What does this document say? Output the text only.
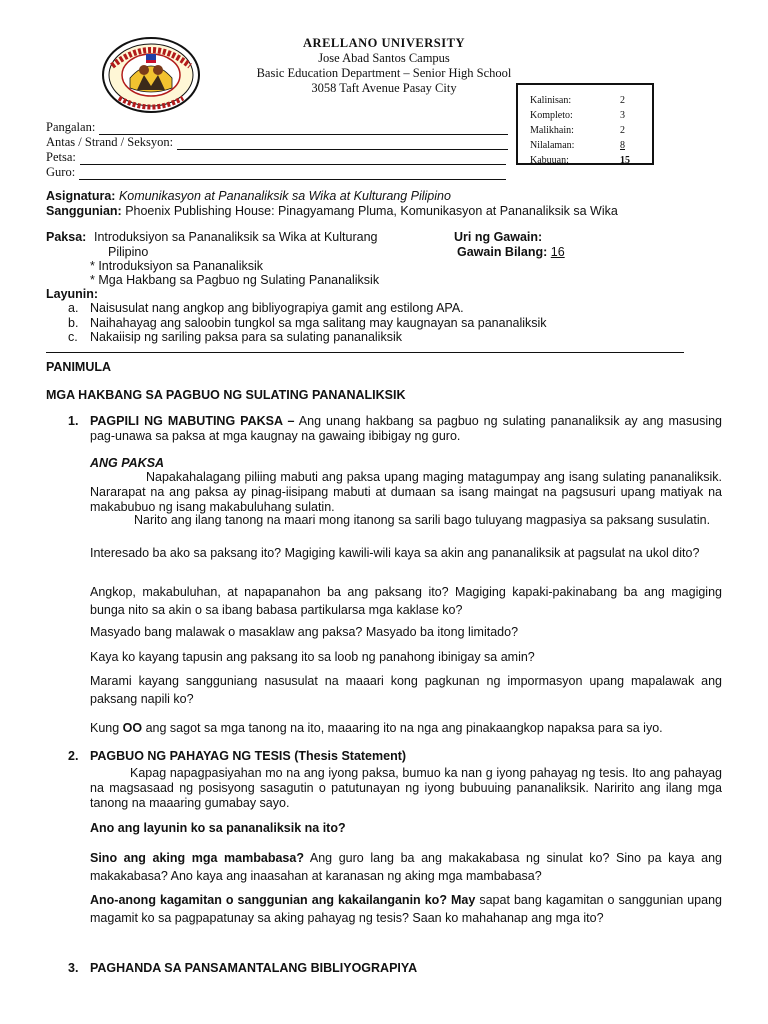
ARELLANO UNIVERSITY
Jose Abad Santos Campus
Basic Education Department – Senior High School
3058 Taft Avenue Pasay City
Kalinisan:	2
Kompleto:	3
Malikhain:	2
Nilalaman:	8
Kabuuan:	15
Pangalan:
Antas / Strand / Seksyon:
Petsa:
Guro:
Asignatura: Komunikasyon at Pananaliksik sa Wika at Kulturang Pilipino
Sanggunian: Phoenix Publishing House: Pinagyamang Pluma, Komunikasyon at Pananaliksik sa Wika
Paksa: Introduksiyon sa Pananaliksik sa Wika at Kulturang
Pilipino
* Introduksiyon sa Pananaliksik
* Mga Hakbang sa Pagbuo ng Sulating Pananaliksik
Uri ng Gawain:
Gawain Bilang: 16
Layunin:
a. Naisusulat nang angkop ang bibliyograpiya gamit ang estilong APA.
b. Naihahayag ang saloobin tungkol sa mga salitang may kaugnayan sa pananaliksik
c. Nakaiisip ng sariling paksa para sa sulating pananaliksik
PANIMULA
MGA HAKBANG SA PAGBUO NG SULATING PANANALIKSIK
1. PAGPILI NG MABUTING PAKSA – Ang unang hakbang sa pagbuo ng sulating pananaliksik ay ang masusing pag-unawa sa paksa at mga kaugnay na gawaing ibibigay ng guro.
ANG PAKSA
Napakahalagang piliing mabuti ang paksa upang maging matagumpay ang isang sulating pananaliksik. Nararapat na ang paksa ay pinag-iisipang mabuti at dumaan sa isang maingat na pagsusuri upang matiyak na makabubuo ng isang makabuluhang sulatin.
Narito ang ilang tanong na maari mong itanong sa sarili bago tuluyang magpasiya sa paksang susulatin.
Interesado ba ako sa paksang ito? Magiging kawili-wili kaya sa akin ang pananaliksik at pagsulat na ukol dito?
Angkop, makabuluhan, at napapanahon ba ang paksang ito? Magiging kapaki-pakinabang ba ang magiging bunga nito sa akin o sa ibang babasa partikularsa mga kaklase ko?
Masyado bang malawak o masaklaw ang paksa? Masyado ba itong limitado?
Kaya ko kayang tapusin ang paksang ito sa loob ng panahong ibinigay sa amin?
Marami kayang sangguniang nasusulat na maaari kong pagkunan ng impormasyon upang mapalawak ang paksang napili ko?
Kung OO ang sagot sa mga tanong na ito, maaaring ito na nga ang pinakaangkop napaksa para sa iyo.
2. PAGBUO NG PAHAYAG NG TESIS (Thesis Statement)
Kapag napagpasiyahan mo na ang iyong paksa, bumuo ka nan g iyong pahayag ng tesis. Ito ang pahayag na magsasaad ng posisyong sasagutin o patutunayan ng iyong bubuuing pananaliksik. Naririto ang ilang mga tanong na maaaring gumabay sayo.
Ano ang layunin ko sa pananaliksik na ito?
Sino ang aking mga mambabasa? Ang guro lang ba ang makakabasa ng sinulat ko? Sino pa kaya ang makakabasa? Ano kaya ang inaasahan at karanasan ng aking mga mambabasa?
Ano-anong kagamitan o sanggunian ang kakailanganin ko? May sapat bang kagamitan o sanggunian upang magamit ko sa pagpapatunay sa aking pahayag ng tesis? Saan ko mahahanap ang mga ito?
3. PAGHANDA SA PANSAMANTALANG BIBLIYOGRAPIYA
